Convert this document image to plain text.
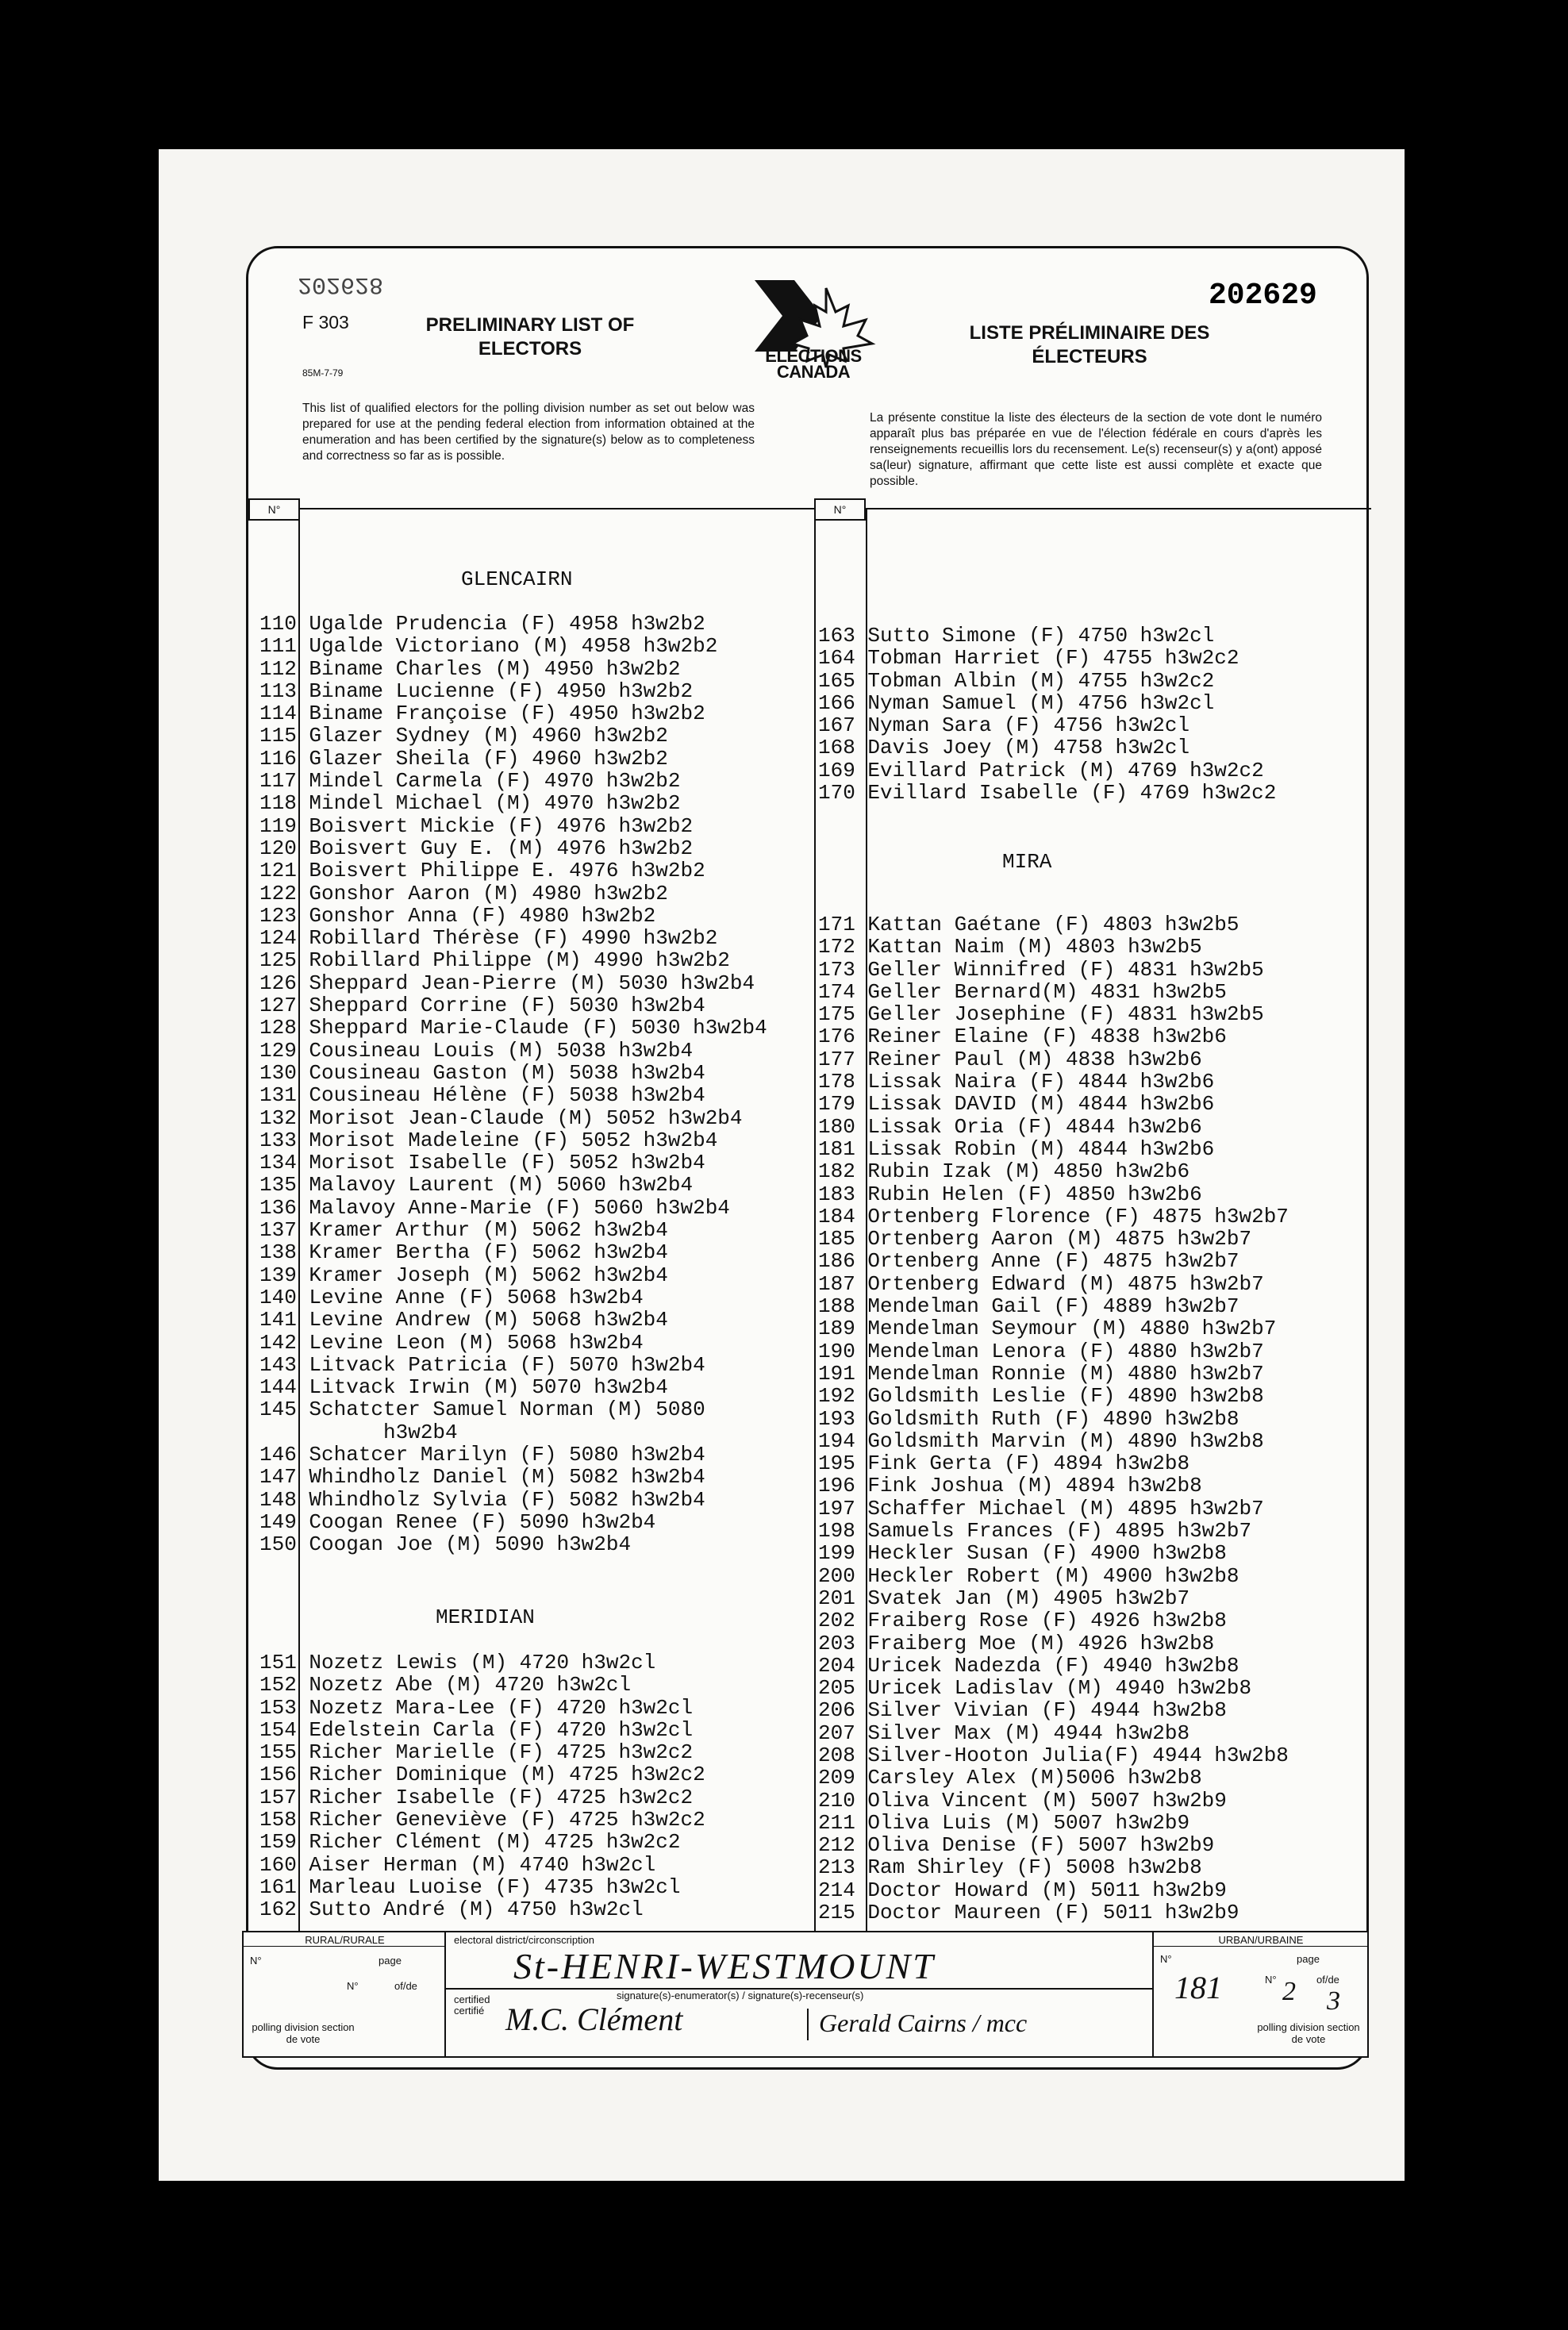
202628
F 303
85M-7-79
PRELIMINARY LIST OF ELECTORS	ELECTIONS CANADA
LISTE PRÉLIMINAIRE DES ÉLECTEURS
202629
This list of qualified electors for the polling division number as set out below was prepared for use at the pending federal election from information obtained at the enumeration and has been certified by the signature(s) below as to completeness and correctness so far as is possible.
La présente constitue la liste des électeurs de la section de vote dont le numéro apparaît plus bas préparée en vue de l'élection fédérale en cours d'après les renseignements recueillis lors du recensement. Le(s) recenseur(s) y a(ont) apposé sa(leur) signature, affirmant que cette liste est aussi complète et exacte que possible.
N°	N°
GLENCAIRN
110 Ugalde Prudencia (F) 4958 h3w2b2
111 Ugalde Victoriano (M) 4958 h3w2b2
112 Biname Charles (M) 4950 h3w2b2
113 Biname Lucienne (F) 4950 h3w2b2
114 Biname Françoise (F) 4950 h3w2b2
115 Glazer Sydney (M) 4960 h3w2b2
116 Glazer Sheila (F) 4960 h3w2b2
117 Mindel Carmela (F) 4970 h3w2b2
118 Mindel Michael (M) 4970 h3w2b2
119 Boisvert Mickie (F) 4976 h3w2b2
120 Boisvert Guy E. (M) 4976 h3w2b2
121 Boisvert Philippe E. 4976 h3w2b2
122 Gonshor Aaron (M) 4980 h3w2b2
123 Gonshor Anna (F) 4980 h3w2b2
124 Robillard Thérèse (F) 4990 h3w2b2
125 Robillard Philippe (M) 4990 h3w2b2
126 Sheppard Jean-Pierre (M) 5030 h3w2b4
127 Sheppard Corrine (F) 5030 h3w2b4
128 Sheppard Marie-Claude (F) 5030 h3w2b4
129 Cousineau Louis (M) 5038 h3w2b4
130 Cousineau Gaston (M) 5038 h3w2b4
131 Cousineau Hélène (F) 5038 h3w2b4
132 Morisot Jean-Claude (M) 5052 h3w2b4
133 Morisot Madeleine (F) 5052 h3w2b4
134 Morisot Isabelle (F) 5052 h3w2b4
135 Malavoy Laurent (M) 5060 h3w2b4
136 Malavoy Anne-Marie (F) 5060 h3w2b4
137 Kramer Arthur (M) 5062 h3w2b4
138 Kramer Bertha (F) 5062 h3w2b4
139 Kramer Joseph (M) 5062 h3w2b4
140 Levine Anne (F) 5068 h3w2b4
141 Levine Andrew (M) 5068 h3w2b4
142 Levine Leon (M) 5068 h3w2b4
143 Litvack Patricia (F) 5070 h3w2b4
144 Litvack Irwin (M) 5070 h3w2b4
145 Schatcter Samuel Norman (M) 5080
h3w2b4
146 Schatcer Marilyn (F) 5080 h3w2b4
147 Whindholz Daniel (M) 5082 h3w2b4
148 Whindholz Sylvia (F) 5082 h3w2b4
149 Coogan Renee (F) 5090 h3w2b4
150 Coogan Joe (M) 5090 h3w2b4
MERIDIAN
151 Nozetz Lewis (M) 4720 h3w2cl
152 Nozetz Abe (M) 4720 h3w2cl
153 Nozetz Mara-Lee (F) 4720 h3w2cl
154 Edelstein Carla (F) 4720 h3w2cl
155 Richer Marielle (F) 4725 h3w2c2
156 Richer Dominique (M) 4725 h3w2c2
157 Richer Isabelle (F) 4725 h3w2c2
158 Richer Geneviève (F) 4725 h3w2c2
159 Richer Clément (M) 4725 h3w2c2
160 Aiser Herman (M) 4740 h3w2cl
161 Marleau Luoise (F) 4735 h3w2cl
162 Sutto André (M) 4750 h3w2cl
163 Sutto Simone (F) 4750 h3w2cl
164 Tobman Harriet (F) 4755 h3w2c2
165 Tobman Albin (M) 4755 h3w2c2
166 Nyman Samuel (M) 4756 h3w2cl
167 Nyman Sara (F) 4756 h3w2cl
168 Davis Joey (M) 4758 h3w2cl
169 Evillard Patrick (M) 4769 h3w2c2
170 Evillard Isabelle (F) 4769 h3w2c2
MIRA
171 Kattan Gaétane (F) 4803 h3w2b5
172 Kattan Naim (M) 4803 h3w2b5
173 Geller Winnifred (F) 4831 h3w2b5
174 Geller Bernard(M) 4831 h3w2b5
175 Geller Josephine (F) 4831 h3w2b5
176 Reiner Elaine (F) 4838 h3w2b6
177 Reiner Paul (M) 4838 h3w2b6
178 Lissak Naira (F) 4844 h3w2b6
179 Lissak DAVID (M) 4844 h3w2b6
180 Lissak Oria (F) 4844 h3w2b6
181 Lissak Robin (M) 4844 h3w2b6
182 Rubin Izak (M) 4850 h3w2b6
183 Rubin Helen (F) 4850 h3w2b6
184 Ortenberg Florence (F) 4875 h3w2b7
185 Ortenberg Aaron (M) 4875 h3w2b7
186 Ortenberg Anne (F) 4875 h3w2b7
187 Ortenberg Edward (M) 4875 h3w2b7
188 Mendelman Gail (F) 4889 h3w2b7
189 Mendelman Seymour (M) 4880 h3w2b7
190 Mendelman Lenora (F) 4880 h3w2b7
191 Mendelman Ronnie (M) 4880 h3w2b7
192 Goldsmith Leslie (F) 4890 h3w2b8
193 Goldsmith Ruth (F) 4890 h3w2b8
194 Goldsmith Marvin (M) 4890 h3w2b8
195 Fink Gerta (F) 4894 h3w2b8
196 Fink Joshua (M) 4894 h3w2b8
197 Schaffer Michael (M) 4895 h3w2b7
198 Samuels Frances (F) 4895 h3w2b7
199 Heckler Susan (F) 4900 h3w2b8
200 Heckler Robert (M) 4900 h3w2b8
201 Svatek Jan (M) 4905 h3w2b7
202 Fraiberg Rose (F) 4926 h3w2b8
203 Fraiberg Moe (M) 4926 h3w2b8
204 Uricek Nadezda (F) 4940 h3w2b8
205 Uricek Ladislav (M) 4940 h3w2b8
206 Silver Vivian (F) 4944 h3w2b8
207 Silver Max (M) 4944 h3w2b8
208 Silver-Hooton Julia(F) 4944 h3w2b8
209 Carsley Alex (M)5006 h3w2b8
210 Oliva Vincent (M) 5007 h3w2b9
211 Oliva Luis (M) 5007 h3w2b9
212 Oliva Denise (F) 5007 h3w2b9
213 Ram Shirley (F) 5008 h3w2b8
214 Doctor Howard (M) 5011 h3w2b9
215 Doctor Maureen (F) 5011 h3w2b9
RURAL/RURALE
N°	page
N°	of/de
polling division section de vote
electoral district/circonscription
St-HENRI-WESTMOUNT
certified certifié
signature(s)-enumerator(s) / signature(s)-recenseur(s)
M.C. Clément	Gerald Cairns / mcc
URBAN/URBAINE
N°	page
181	N° 2 of/de
3
polling division section de vote
